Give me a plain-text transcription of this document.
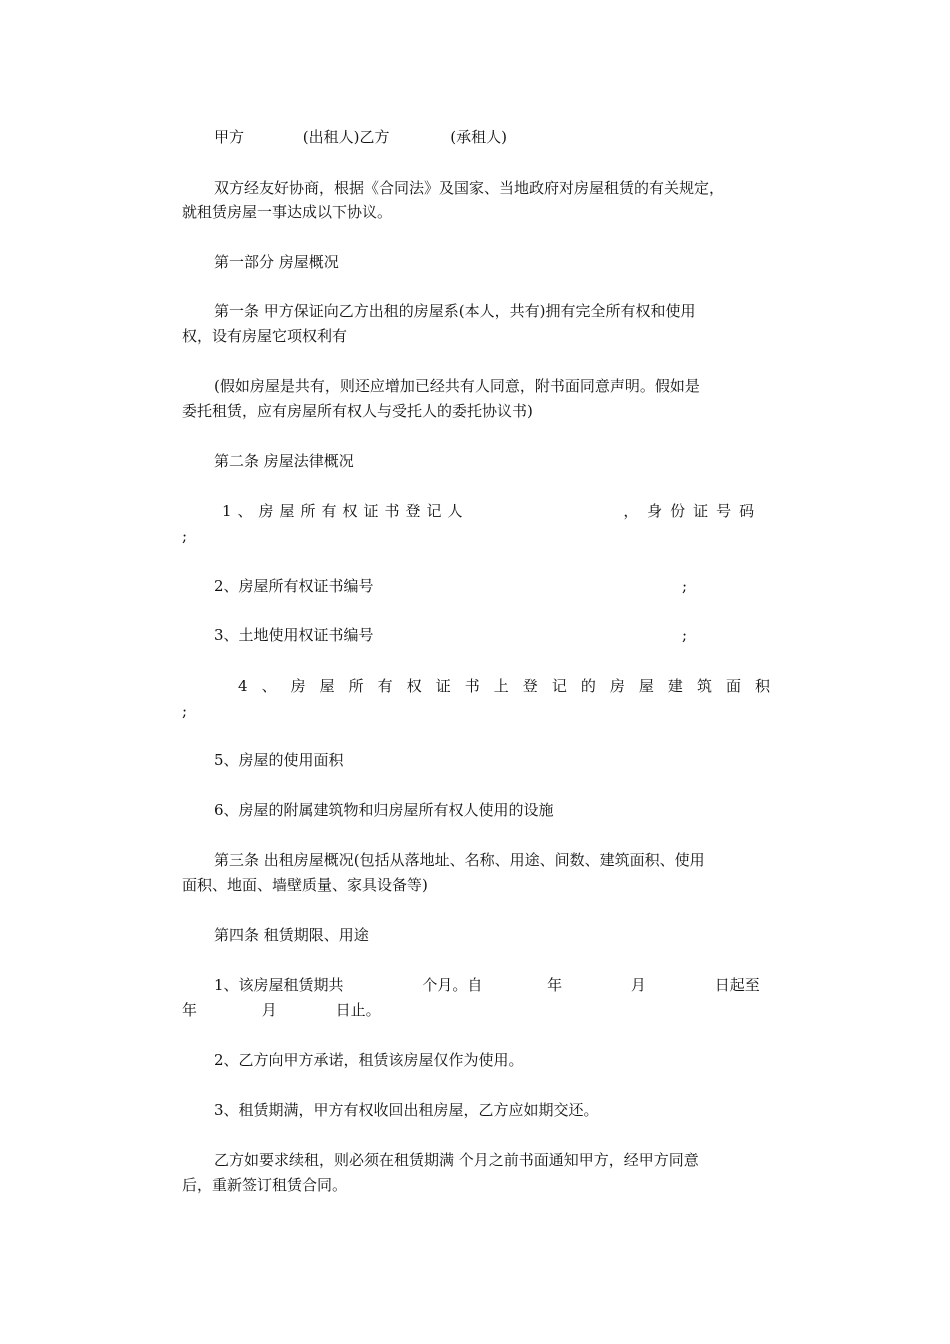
甲方	(出租人)乙方	(承租人)
双方经友好协商，根据《合同法》及国家、当地政府对房屋租赁的有关规定，
就租赁房屋一事达成以下协议。
第一部分 房屋概况
第一条 甲方保证向乙方出租的房屋系(本人，共有)拥有完全所有权和使用
权，设有房屋它项权利有
(假如房屋是共有，则还应增加已经共有人同意，附书面同意声明。假如是
委托租赁，应有房屋所有权人与受托人的委托协议书)
第二条 房屋法律概况
1、房屋所有权证书登记人	， 身份证号码
;
2、房屋所有权证书编号	;
3、土地使用权证书编号	;
4、房屋所有权证书上登记的房屋建筑面积
;
5、房屋的使用面积
6、房屋的附属建筑物和归房屋所有权人使用的设施
第三条 出租房屋概况(包括从落地址、名称、用途、间数、建筑面积、使用
面积、地面、墙壁质量、家具设备等)
第四条 租赁期限、用途
1、该房屋租赁期共	个月。自	年	月	日起至
年	月	日止。
2、乙方向甲方承诺，租赁该房屋仅作为使用。
3、租赁期满，甲方有权收回出租房屋，乙方应如期交还。
乙方如要求续租，则必须在租赁期满 个月之前书面通知甲方，经甲方同意
后，重新签订租赁合同。
